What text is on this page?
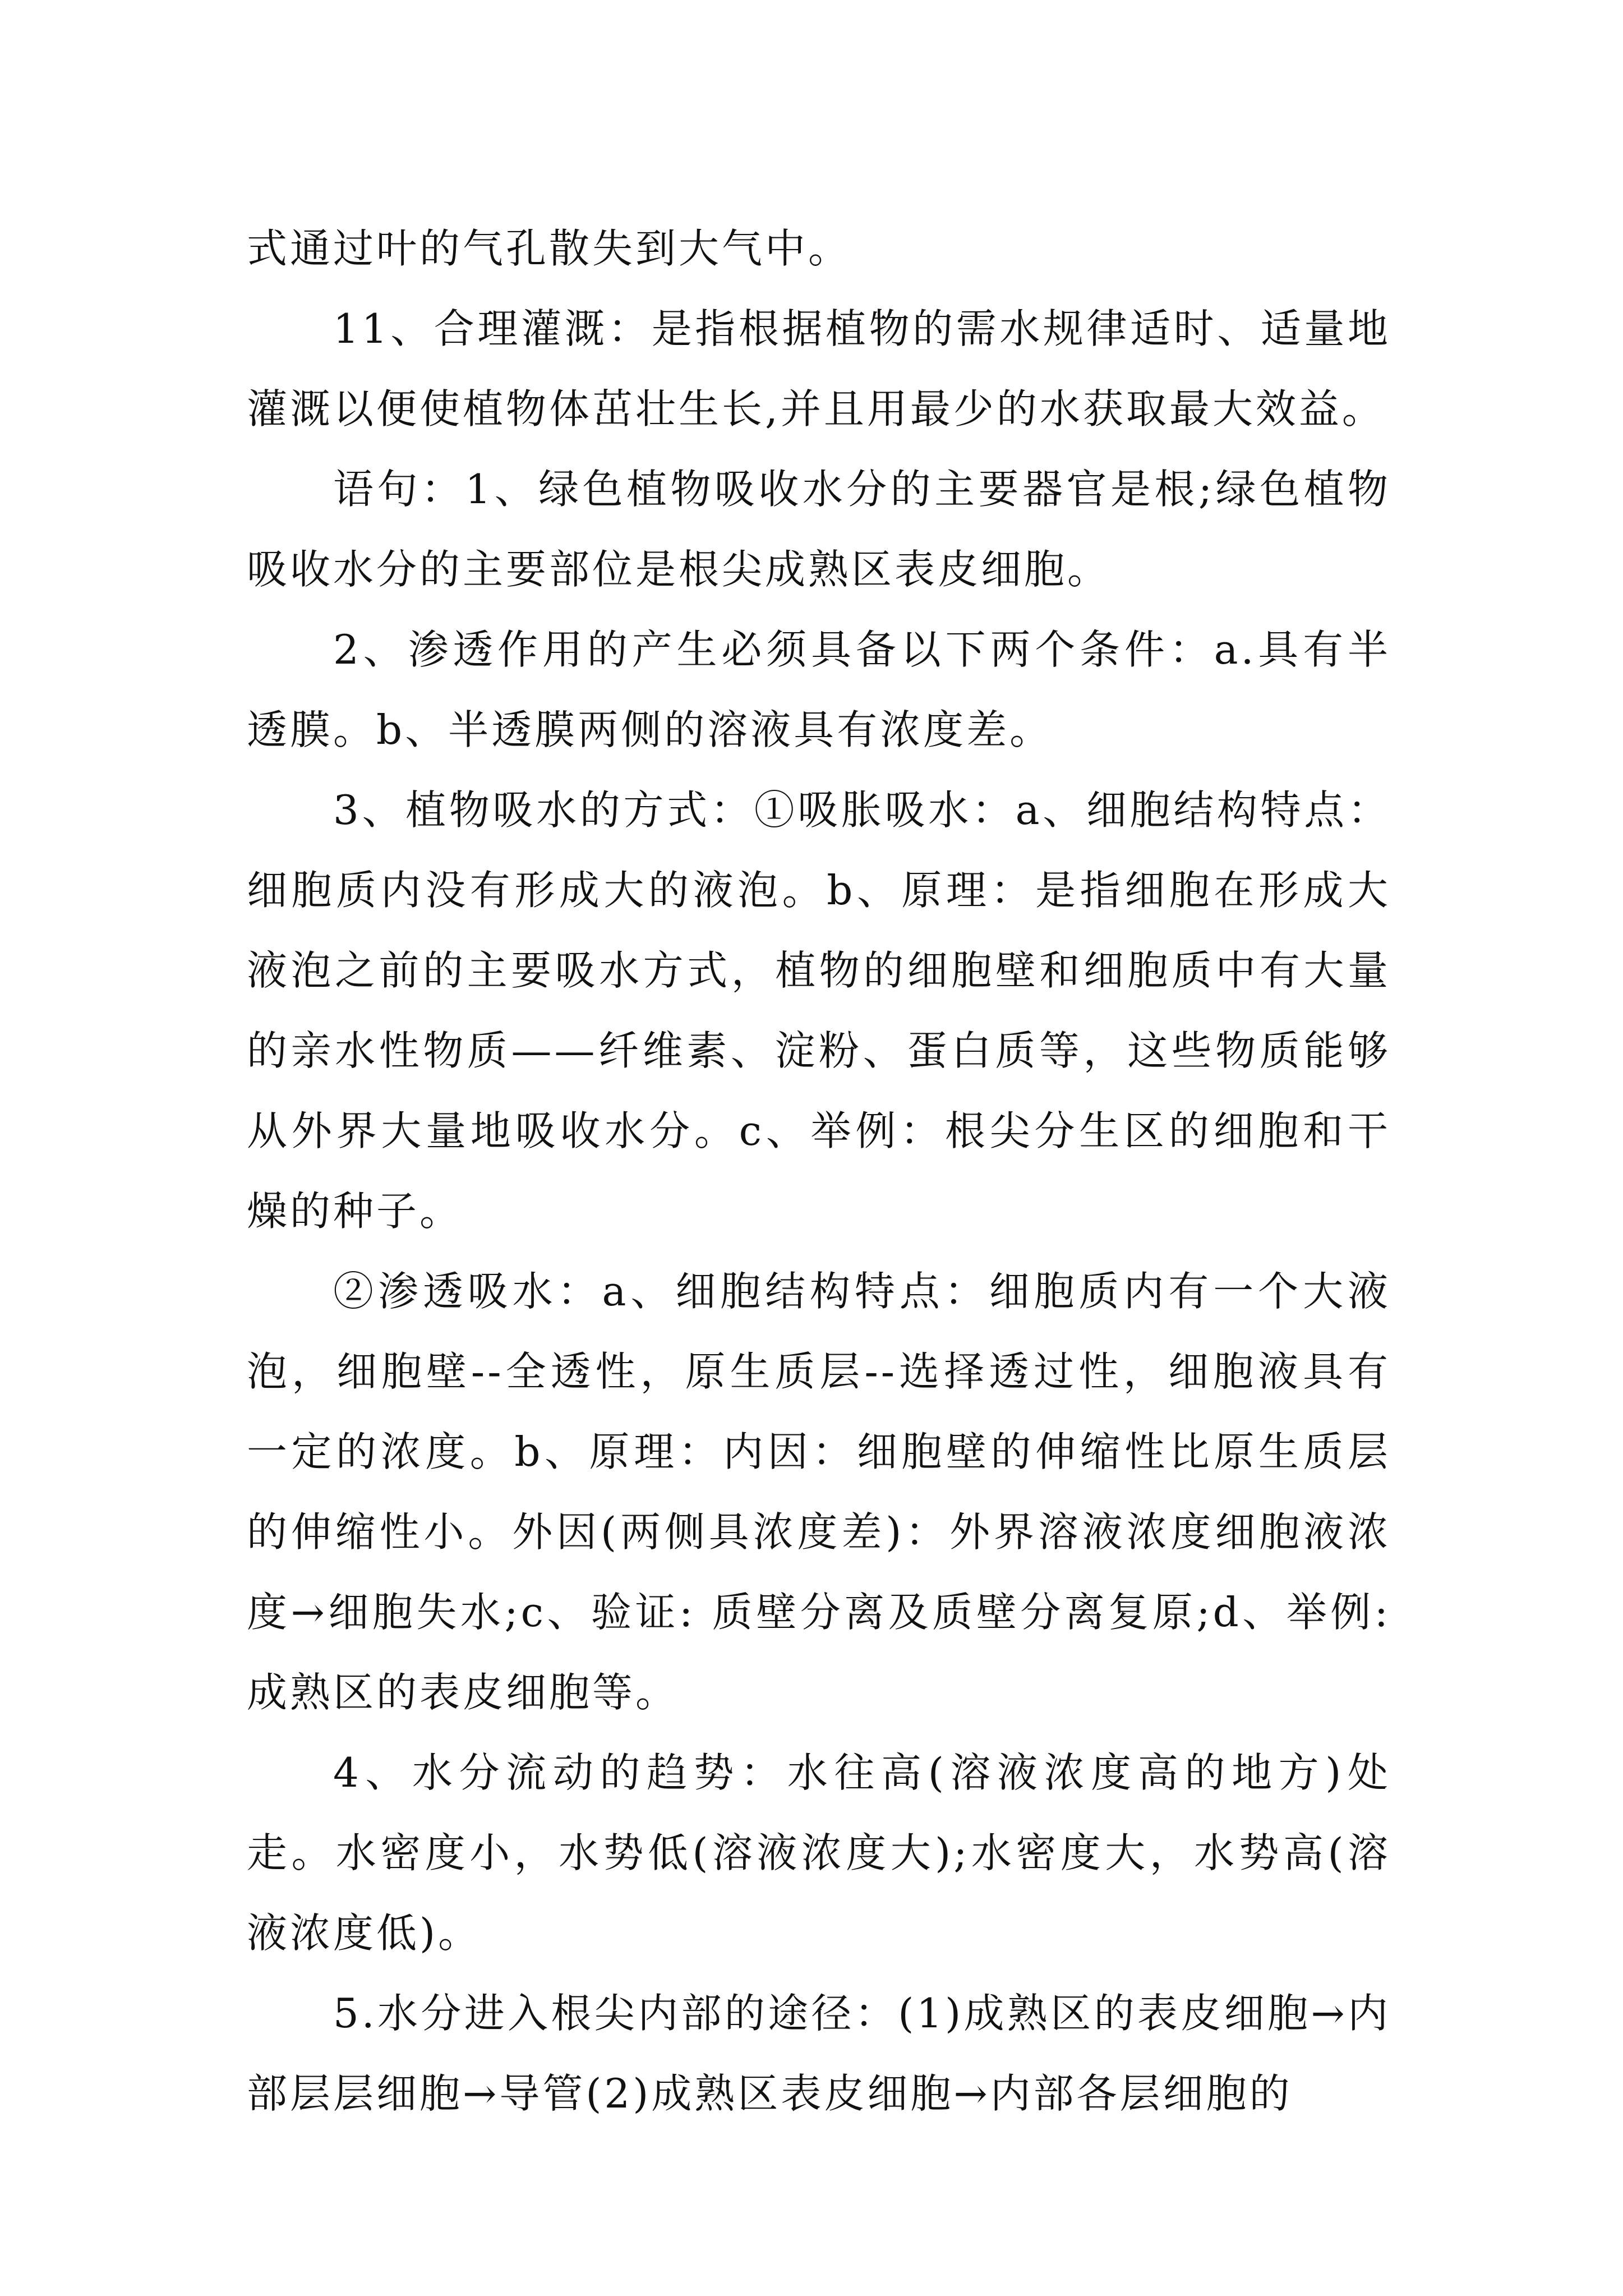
式通过叶的气孔散失到大气中。

11、合理灌溉：是指根据植物的需水规律适时、适量地灌溉以便使植物体茁壮生长,并且用最少的水获取最大效益。

语句：1、绿色植物吸收水分的主要器官是根;绿色植物吸收水分的主要部位是根尖成熟区表皮细胞。

2、渗透作用的产生必须具备以下两个条件：a.具有半透膜。b、半透膜两侧的溶液具有浓度差。

3、植物吸水的方式：①吸胀吸水：a、细胞结构特点：细胞质内没有形成大的液泡。b、原理：是指细胞在形成大液泡之前的主要吸水方式，植物的细胞壁和细胞质中有大量的亲水性物质——纤维素、淀粉、蛋白质等，这些物质能够从外界大量地吸收水分。c、举例：根尖分生区的细胞和干燥的种子。

②渗透吸水：a、细胞结构特点：细胞质内有一个大液泡，细胞壁--全透性，原生质层--选择透过性，细胞液具有一定的浓度。b、原理：内因：细胞壁的伸缩性比原生质层的伸缩性小。外因(两侧具浓度差)：外界溶液浓度细胞液浓度→细胞失水;c、验证: 质壁分离及质壁分离复原;d、举例:成熟区的表皮细胞等。

4、水分流动的趋势：水往高(溶液浓度高的地方)处走。水密度小，水势低(溶液浓度大);水密度大，水势高(溶液浓度低)。

5.水分进入根尖内部的途径：(1)成熟区的表皮细胞→内部层层细胞→导管(2)成熟区表皮细胞→内部各层细胞的
